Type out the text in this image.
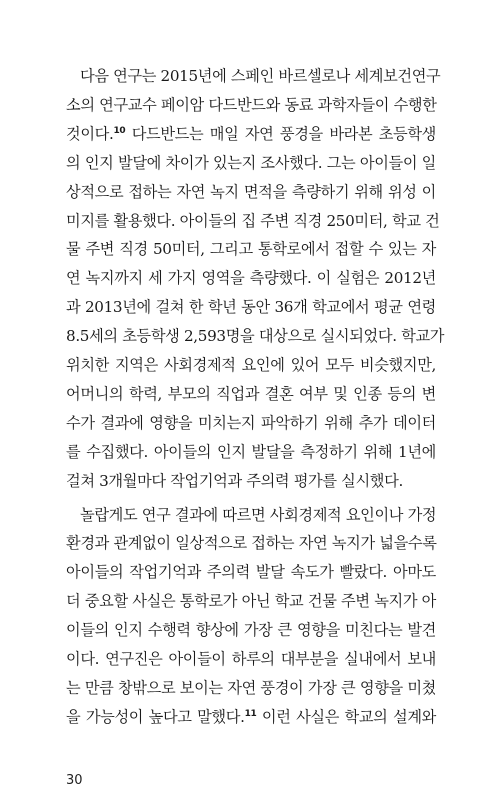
다음 연구는 2015년에 스페인 바르셀로나 세계보건연구
소의 연구교수 페이암 다드반드와 동료 과학자들이 수행한
것이다.$^{10}$ 다드반드는 매일 자연 풍경을 바라본 초등학생
의 인지 발달에 차이가 있는지 조사했다. 그는 아이들이 일
상적으로 접하는 자연 녹지 면적을 측량하기 위해 위성 이
미지를 활용했다. 아이들의 집 주변 직경 250미터, 학교 건
물 주변 직경 50미터, 그리고 통학로에서 접할 수 있는 자
연 녹지까지 세 가지 영역을 측량했다. 이 실험은 2012년
과 2013년에 걸쳐 한 학년 동안 36개 학교에서 평균 연령
8.5세의 초등학생 2,593명을 대상으로 실시되었다. 학교가
위치한 지역은 사회경제적 요인에 있어 모두 비슷했지만,
어머니의 학력, 부모의 직업과 결혼 여부 및 인종 등의 변
수가 결과에 영향을 미치는지 파악하기 위해 추가 데이터
를 수집했다. 아이들의 인지 발달을 측정하기 위해 1년에
걸쳐 3개월마다 작업기억과 주의력 평가를 실시했다.
놀랍게도 연구 결과에 따르면 사회경제적 요인이나 가정
환경과 관계없이 일상적으로 접하는 자연 녹지가 넓을수록
아이들의 작업기억과 주의력 발달 속도가 빨랐다. 아마도
더 중요할 사실은 통학로가 아닌 학교 건물 주변 녹지가 아
이들의 인지 수행력 향상에 가장 큰 영향을 미친다는 발견
이다. 연구진은 아이들이 하루의 대부분을 실내에서 보내
는 만큼 창밖으로 보이는 자연 풍경이 가장 큰 영향을 미쳤
을 가능성이 높다고 말했다.$^{11}$ 이런 사실은 학교의 설계와
30
